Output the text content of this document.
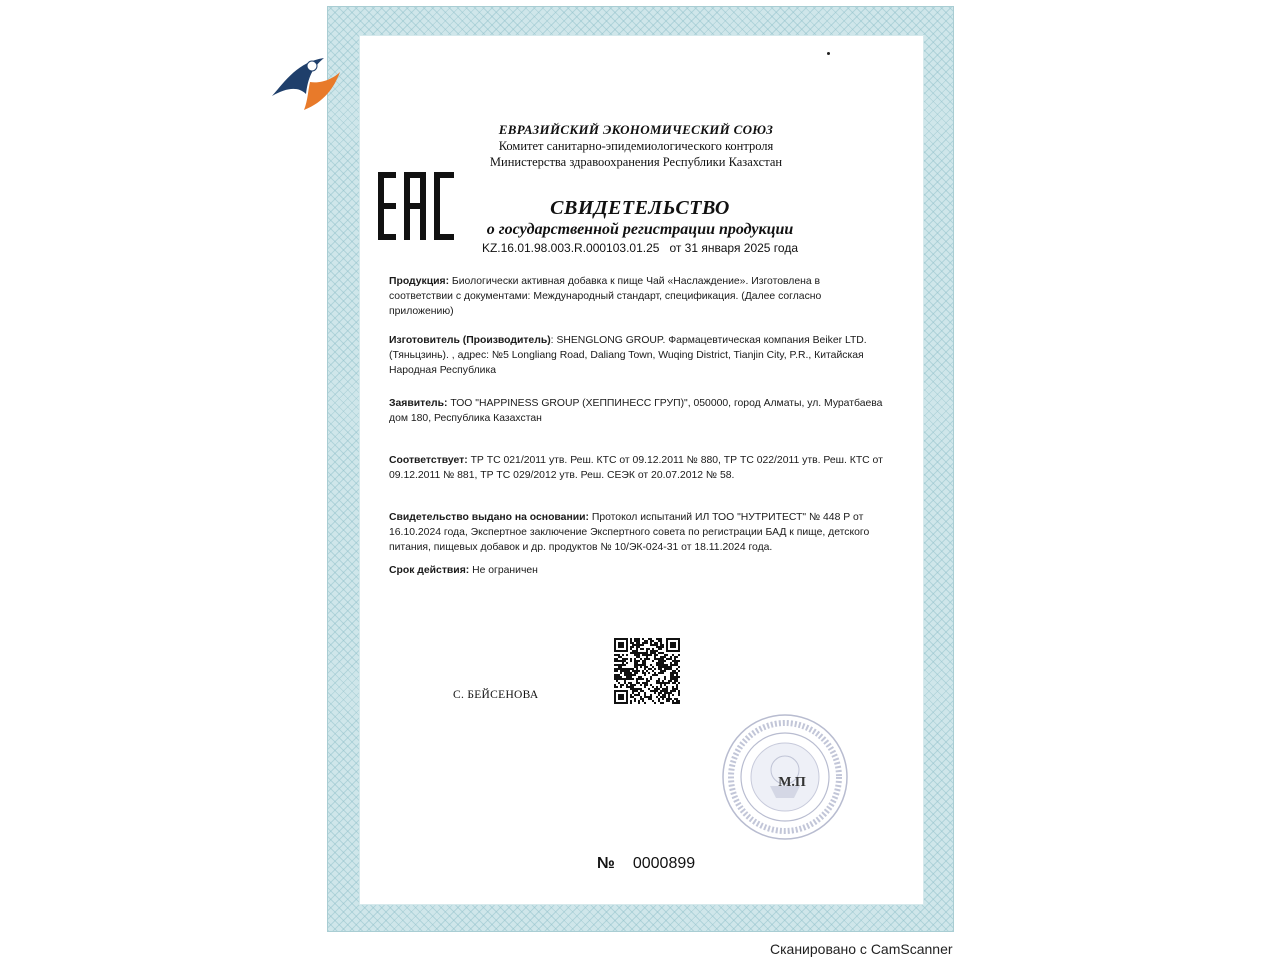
ЕВРАЗИЙСКИЙ ЭКОНОМИЧЕСКИЙ СОЮЗ
Комитет санитарно-эпидемиологического контроля
Министерства здравоохранения Республики Казахстан
СВИДЕТЕЛЬСТВО
о государственной регистрации продукции
KZ.16.01.98.003.R.000103.01.25   от 31 января 2025 года
Продукция: Биологически активная добавка к пище Чай «Наслаждение». Изготовлена в соответствии с документами: Международный стандарт, спецификация. (Далее согласно приложению)
Изготовитель (Производитель): SHENGLONG GROUP. Фармацевтическая компания Beiker LTD. (Тяньцзинь). , адрес: №5 Longliang Road, Daliang Town, Wuqing District, Tianjin City, P.R., Китайская Народная Республика
Заявитель: ТОО "HAPPINESS GROUP (ХЕППИНЕСС ГРУП)", 050000, город Алматы, ул. Муратбаева дом 180, Республика Казахстан
Соответствует: ТР ТС 021/2011 утв. Реш. КТС от 09.12.2011 № 880, ТР ТС 022/2011 утв. Реш. КТС от 09.12.2011 № 881, ТР ТС 029/2012 утв. Реш. СЕЭК от 20.07.2012 № 58.
Свидетельство выдано на основании: Протокол испытаний ИЛ ТОО "НУТРИТЕСТ" № 448 Р от 16.10.2024 года, Экспертное заключение Экспертного совета по регистрации БАД к пище, детского питания, пищевых добавок и др. продуктов № 10/ЭК-024-31 от 18.11.2024 года.
Срок действия: Не ограничен
С. БЕЙСЕНОВА
М.П
№ 0000899
Сканировано с CamScanner
